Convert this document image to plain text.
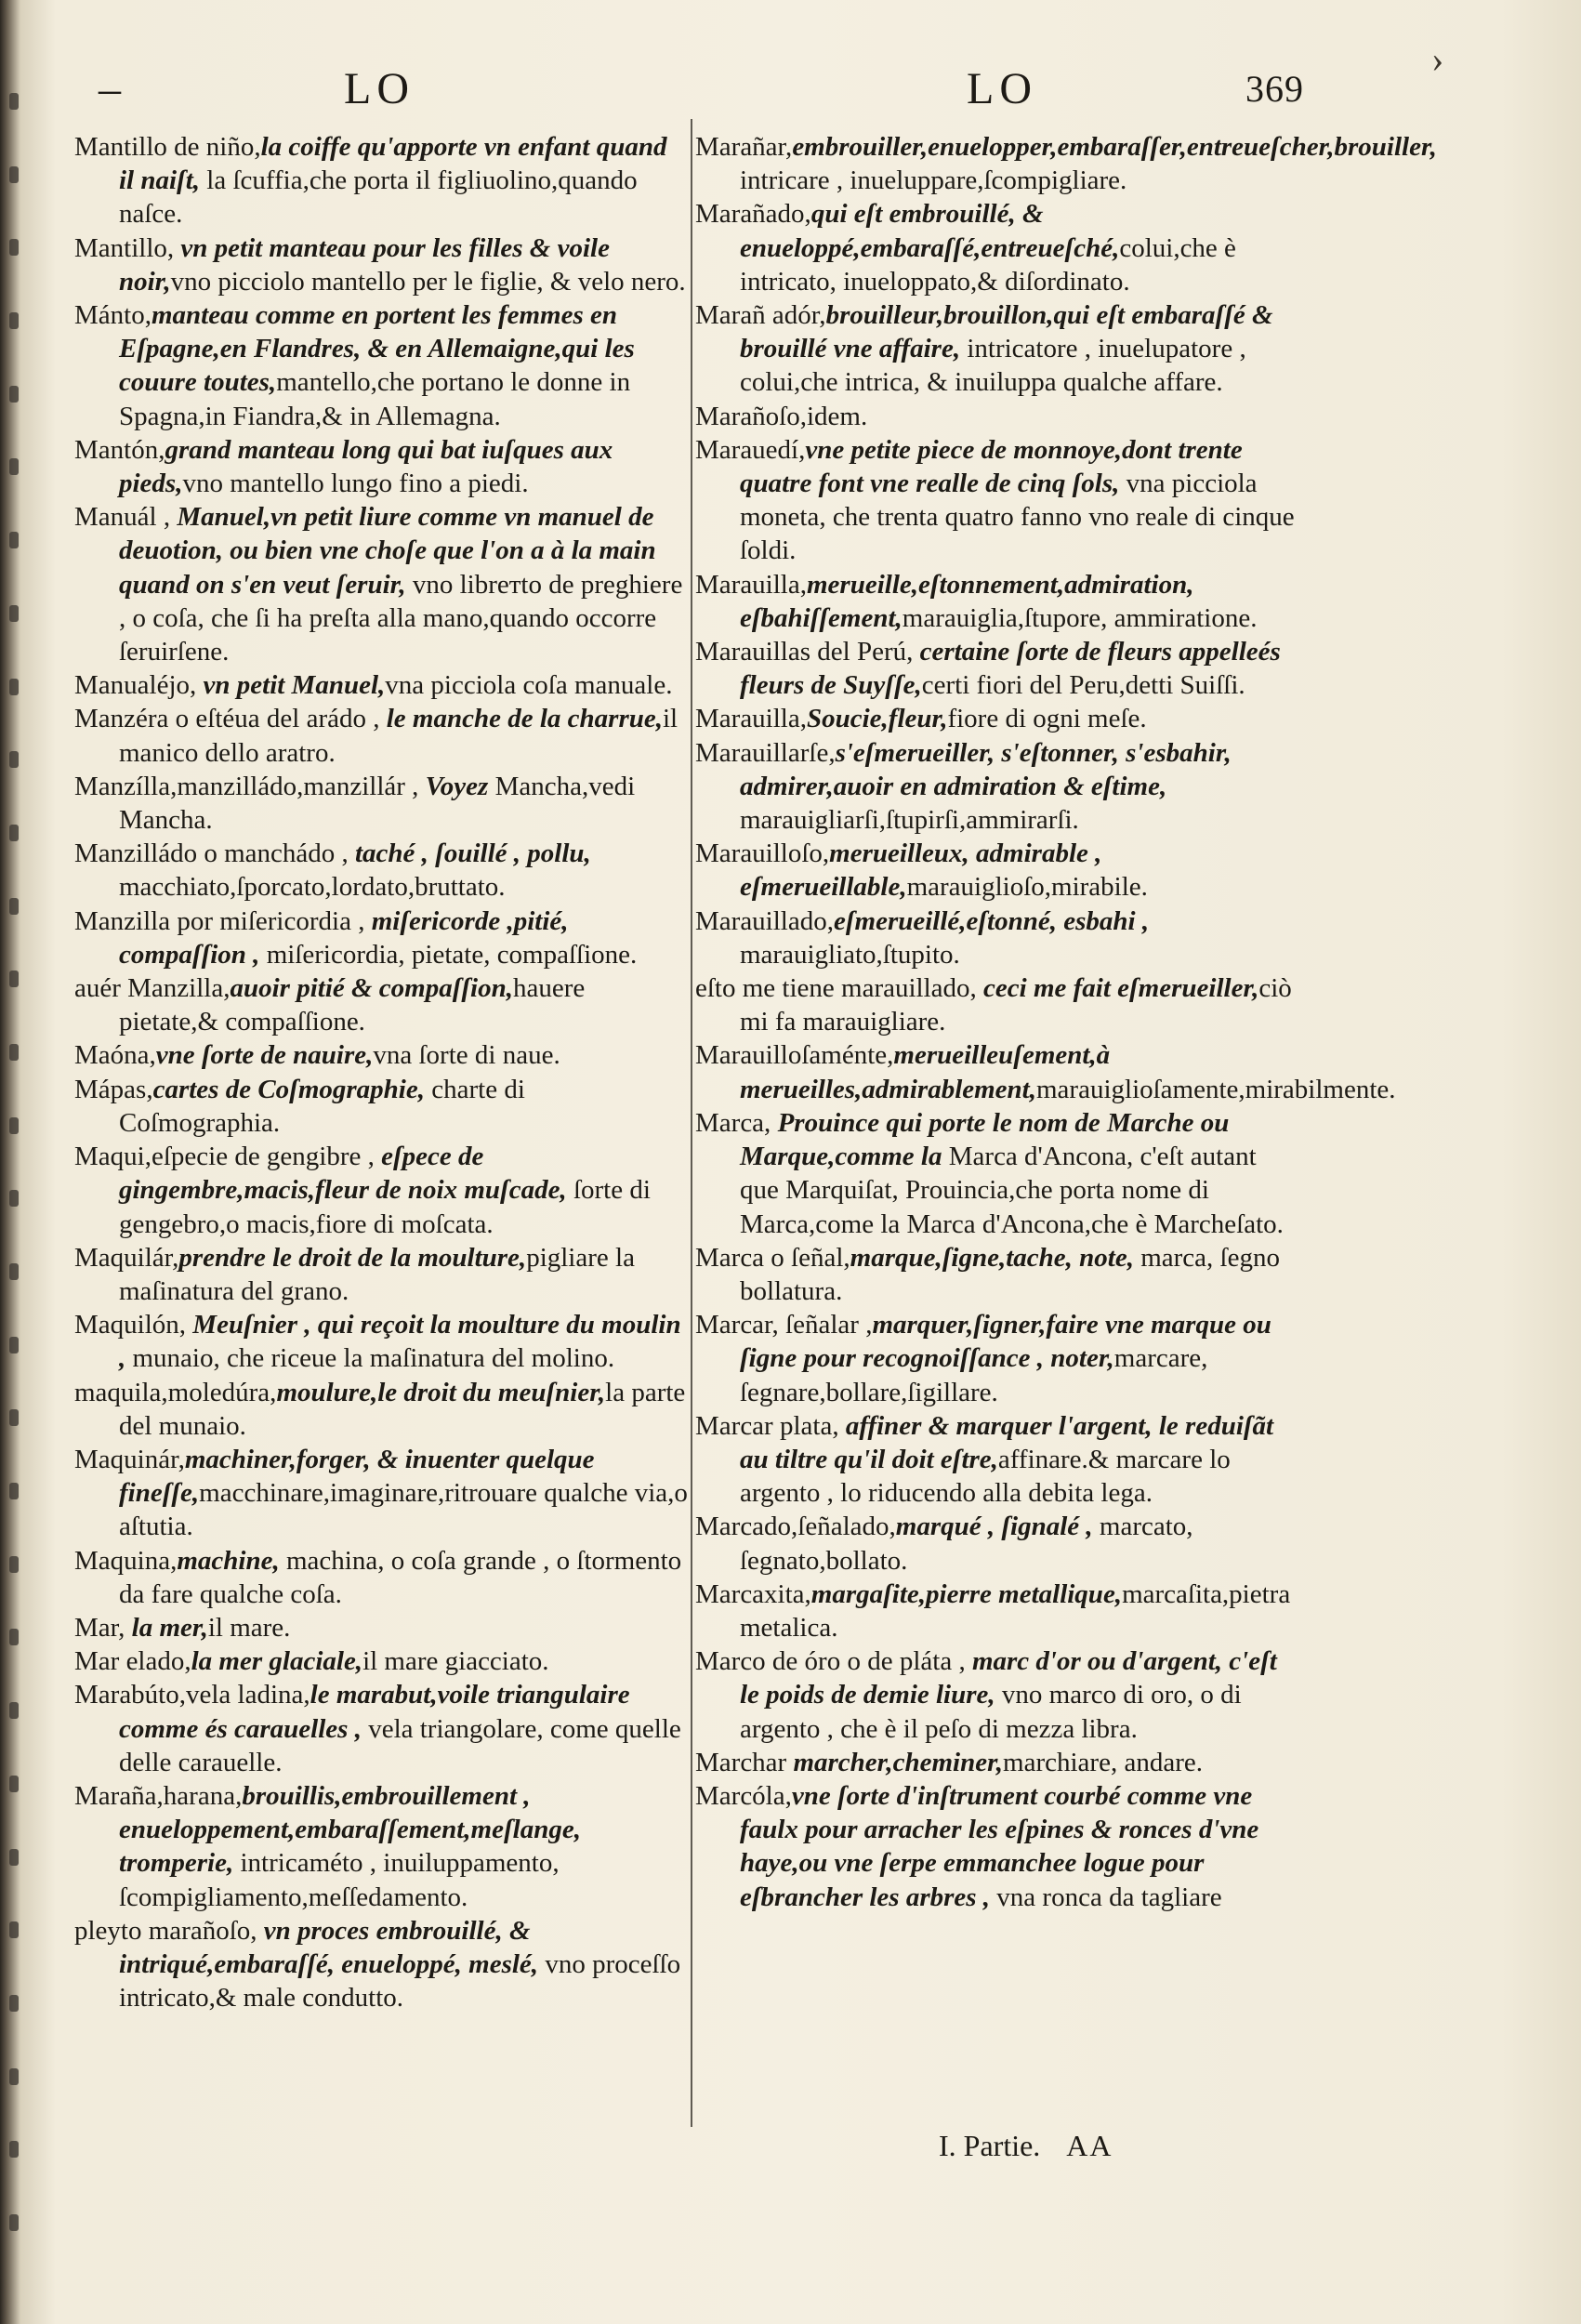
›
–	LO	LO	369
Mantillo de niño,la coiffe qu'apporte vn enfant quand il naiſt, la ſcuffia,che porta il figliuolino,quando naſce.
Mantillo, vn petit manteau pour les filles & voile noir,vno picciolo mantello per le figlie, & velo nero.
Mánto,manteau comme en portent les femmes en Eſpagne,en Flandres, & en Allemaigne,qui les couure toutes,mantello,che portano le donne in Spagna,in Fiandra,& in Allemagna.
Mantón,grand manteau long qui bat iuſques aux pieds,vno mantello lungo fino a piedi.
Manuál , Manuel,vn petit liure comme vn manuel de deuotion, ou bien vne choſe que l'on a à la main quand on s'en veut ſeruir, vno librетto de preghiere , o coſa, che ſi ha preſta alla mano,quando occorre ſeruirſene.
Manualéjo, vn petit Manuel,vna picciola coſa manuale.
Manzéra o eſtéua del arádo , le manche de la charrue,il manico dello aratro.
Manzílla,manzilládo,manzillár , Voyez Mancha,vedi Mancha.
Manzilládo o manchádo , taché , ſouillé , pollu, macchiato,ſporcato,lordato,bruttato.
Manzilla por miſericordia , miſericorde ,pitié, compaſſion , miſericordia, pietate, compaſſione.
auér Manzilla,auoir pitié & compaſſion,hauere pietate,& compaſſione.
Maóna,vne ſorte de nauire,vna ſorte di naue.
Mápas,cartes de Coſmographie, charte di Coſmographia.
Maqui,eſpecie de gengibre , eſpece de gingembre,macis,fleur de noix muſcade, ſorte di gengebro,o macis,fiore di moſcata.
Maquilár,prendre le droit de la moulture,pigliare la maſinatura del grano.
Maquilón, Meuſnier , qui reçoit la moulture du moulin , munaio, che riceue la maſinatura del molino.
maquila,moledúra,moulure,le droit du meuſnier,la parte del munaio.
Maquinár,machiner,forger, & inuenter quelque fineſſe,macchinare,imaginare,ritrouare qualche via,o aſtutia.
Maquina,machine, machina, o coſa grande , o ſtormento da fare qualche coſa.
Mar, la mer,il mare.
Mar elado,la mer glaciale,il mare giacciato.
Marabúto,vela ladina,le marabut,voile triangulaire comme és carauelles , vela triangolare, come quelle delle carauelle.
Maraña,harana,brouillis,embrouillement , enueloppement,embaraſſement,meſlange, tromperie, intricaméto , inuiluppamento, ſcompigliamento,meſſedamento.
pleyto marañoſo, vn proces embrouillé, & intriqué,embaraſſé, enueloppé, meslé, vno proceſſo intricato,& male condutto.
Marañar,embrouiller,enuelopper,embaraſſer,entreueſcher,brouiller, intricare , inueluppare,ſcompigliare.
Marañado,qui eſt embrouillé, & enueloppé,embaraſſé,entreueſché,colui,che è intricato, inueloppato,& diſordinato.
Marañ adór,brouilleur,brouillon,qui eſt embaraſſé & brouillé vne affaire, intricatore , inuelupatore , colui,che intrica, & inuiluppa qualche affare.
Marañoſo,idem.
Marauedí,vne petite piece de monnoye,dont trente quatre font vne realle de cinq ſols, vna picciola moneta, che trenta quatro fanno vno reale di cinque ſoldi.
Marauilla,merueille,eſtonnement,admiration, eſbahiſſement,marauiglia,ſtupore, ammiratione.
Marauillas del Perú, certaine ſorte de fleurs appelleés fleurs de Suyſſe,certi fiori del Peru,detti Suiſſi.
Marauilla,Soucie,fleur,fiore di ogni meſe.
Marauillarſe,s'eſmerueiller, s'eſtonner, s'esbahir, admirer,auoir en admiration & eſtime, marauigliarſi,ſtupirſi,ammirarſi.
Marauilloſo,merueilleux, admirable , eſmerueillable,marauiglioſo,mirabile.
Marauillado,eſmerueillé,eſtonné, esbahi , marauigliato,ſtupito.
eſto me tiene marauillado, ceci me fait eſmerueiller,ciò mi fa marauigliare.
Marauilloſaménte,merueilleuſement,à merueilles,admirablement,marauiglioſamente,mirabilmente.
Marca, Prouince qui porte le nom de Marche ou Marque,comme la Marca d'Ancona, c'eſt autant que Marquiſat, Prouincia,che porta nome di Marca,come la Marca d'Ancona,che è Marcheſato.
Marca o ſeñal,marque,ſigne,tache, note, marca, ſegno bollatura.
Marcar, ſeñalar ,marquer,ſigner,faire vne marque ou ſigne pour recognoiſſance , noter,marcare, ſegnare,bollare,ſigillare.
Marcar plata, affiner & marquer l'argent, le reduiſãt au tiltre qu'il doit eſtre,affinare.& marcare lo argento , lo riducendo alla debita lega.
Marcado,ſeñalado,marqué , ſignalé , marcato, ſegnato,bollato.
Marcaxita,margaſite,pierre metallique,marcaſita,pietra metalica.
Marco de óro o de pláta , marc d'or ou d'argent, c'eſt le poids de demie liure, vno marco di oro, o di argento , che è il peſo di mezza libra.
Marchar marcher,cheminer,marchiare, andare.
Marcóla,vne ſorte d'inſtrument courbé comme vne faulx pour arracher les eſpines & ronces d'vne haye,ou vne ſerpe emmanchee logue pour eſbrancher les arbres , vna ronca da tagliare
I. Partie. AA
